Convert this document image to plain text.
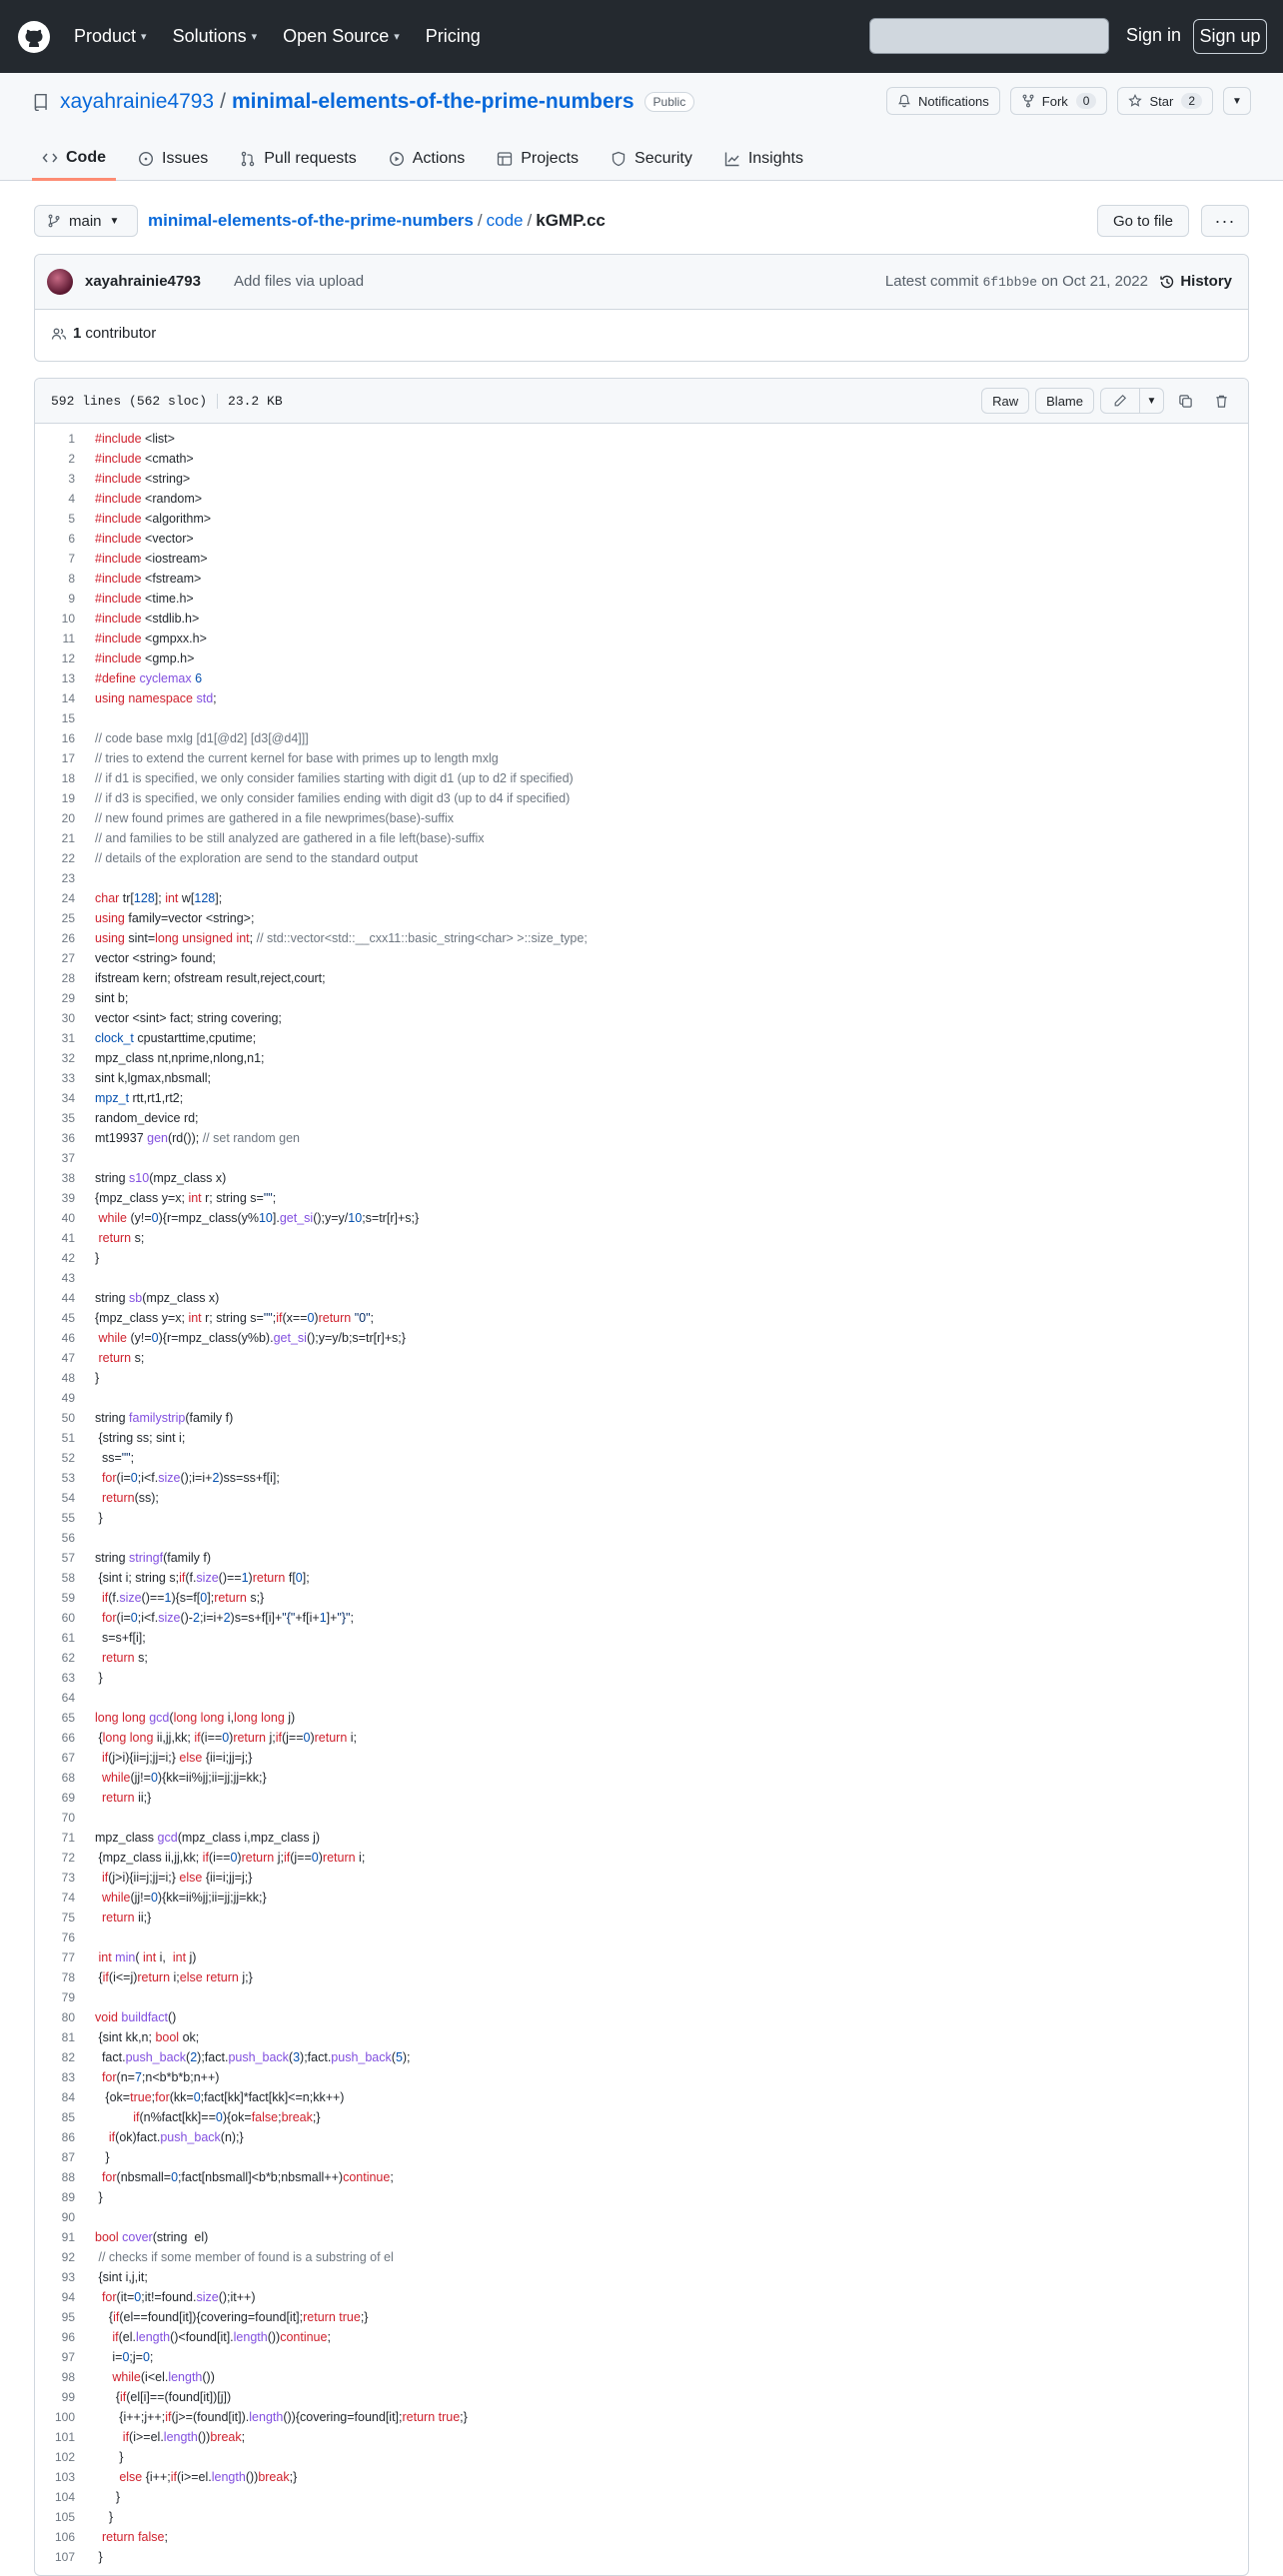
Product ▾ Solutions ▾ Open Source ▾ Pricing	Sign in	Sign up
xayahrainie4793 / minimal-elements-of-the-prime-numbers	Public	Notifications	Fork	0	Star	2	▼
Code	Issues	Pull requests	Actions	Projects	Security	Insights
main ▼ minimal-elements-of-the-prime-numbers / code / kGMP.cc	Go to file	···
xayahrainie4793 Add files via upload	Latest commit 6f1bb9e on Oct 21, 2022 History
1 contributor
592 lines (562 sloc) 23.2 KB	Raw	Blame	▼
1	#include <list>
2	#include <cmath>
3	#include <string>
4	#include <random>
5	#include <algorithm>
6	#include <vector>
7	#include <iostream>
8	#include <fstream>
9	#include <time.h>
10	#include <stdlib.h>
11	#include <gmpxx.h>
12	#include <gmp.h>
13	#define cyclemax 6
14	using namespace std;
15
16	// code base mxlg [d1[@d2] [d3[@d4]]]
17	// tries to extend the current kernel for base with primes up to length mxlg
18	// if d1 is specified, we only consider families starting with digit d1 (up to d2 if specified)
19	// if d3 is specified, we only consider families ending with digit d3 (up to d4 if specified)
20	// new found primes are gathered in a file newprimes(base)-suffix
21	// and families to be still analyzed are gathered in a file left(base)-suffix
22	// details of the exploration are send to the standard output
23
24	char tr[128]; int w[128];
25	using family=vector <string>;
26	using sint=long unsigned int; // std::vector<std::__cxx11::basic_string<char> >::size_type;
27	vector <string> found;
28	ifstream kern; ofstream result,reject,court;
29	sint b;
30	vector <sint> fact; string covering;
31	clock_t cpustarttime,cputime;
32	mpz_class nt,nprime,nlong,n1;
33	sint k,lgmax,nbsmall;
34	mpz_t rtt,rt1,rt2;
35	random_device rd;
36	mt19937 gen(rd()); // set random gen
37
38	string s10(mpz_class x)
39	{mpz_class y=x; int r; string s="";
40	while (y!=0){r=mpz_class(y%10].get_si();y=y/10;s=tr[r]+s;}
41	return s;
42	}
43
44	string sb(mpz_class x)
45	{mpz_class y=x; int r; string s="";if(x==0)return "0";
46	while (y!=0){r=mpz_class(y%b).get_si();y=y/b;s=tr[r]+s;}
47	return s;
48	}
49
50	string familystrip(family f)
51	{string ss; sint i;
52	ss="";
53	for(i=0;i<f.size();i=i+2)ss=ss+f[i];
54	return(ss);
55	}
56
57	string stringf(family f)
58	{sint i; string s;if(f.size()==1)return f[0];
59	if(f.size()==1){s=f[0];return s;}
60	for(i=0;i<f.size()-2;i=i+2)s=s+f[i]+"{"+f[i+1]+"}";
61	s=s+f[i];
62	return s;
63	}
64
65	long long gcd(long long i,long long j)
66	{long long ii,jj,kk; if(i==0)return j;if(j==0)return i;
67	if(j>i){ii=j;jj=i;} else {ii=i;jj=j;}
68	while(jj!=0){kk=ii%jj;ii=jj;jj=kk;}
69	return ii;}
70
71	mpz_class gcd(mpz_class i,mpz_class j)
72	{mpz_class ii,jj,kk; if(i==0)return j;if(j==0)return i;
73	if(j>i){ii=j;jj=i;} else {ii=i;jj=j;}
74	while(jj!=0){kk=ii%jj;ii=jj;jj=kk;}
75	return ii;}
76
77	int min( int i,  int j)
78	{if(i<=j)return i;else return j;}
79
80	void buildfact()
81	{sint kk,n; bool ok;
82	fact.push_back(2);fact.push_back(3);fact.push_back(5);
83	for(n=7;n<b*b*b;n++)
84	{ok=true;for(kk=0;fact[kk]*fact[kk]<=n;kk++)
85	if(n%fact[kk]==0){ok=false;break;}
86	if(ok)fact.push_back(n);}
87	}
88	for(nbsmall=0;fact[nbsmall]<b*b;nbsmall++)continue;
89	}
90
91	bool cover(string  el)
92	// checks if some member of found is a substring of el
93	{sint i,j,it;
94	for(it=0;it!=found.size();it++)
95	{if(el==found[it]){covering=found[it];return true;}
96	if(el.length()<found[it].length())continue;
97	i=0;j=0;
98	while(i<el.length())
99	{if(el[i]==(found[it])[j])
100	{i++;j++;if(j>=(found[it]).length()){covering=found[it];return true;}
101	if(i>=el.length())break;
102	}
103	else {i++;if(i>=el.length())break;}
104	}
105	}
106	return false;
107	}
